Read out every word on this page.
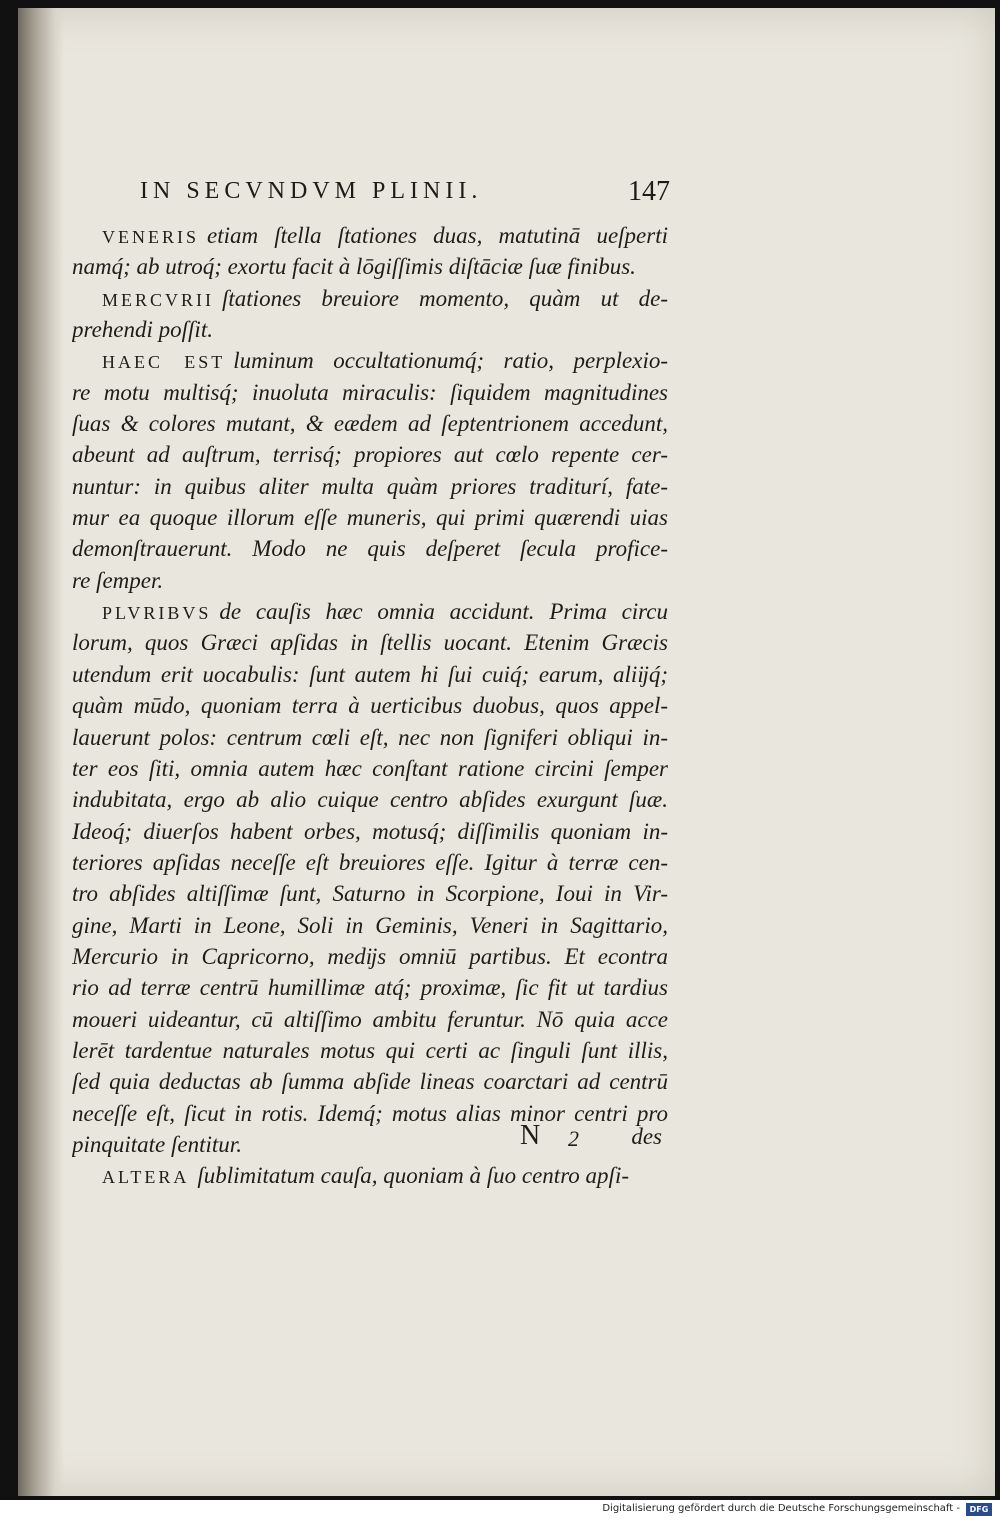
IN SECVNDVM PLINII.	147
VENERIS etiam ſtella ſtationes duas, matutinā ueſperti
namq́; ab utroq́; exortu facit à lōgiſſimis diſtāciæ ſuæ finibus.
MERCVRII ſtationes breuiore momento, quàm ut de-
prehendi poſſit.
HAEC EST luminum occultationumq́; ratio, perplexio-
re motu multisq́; inuoluta miraculis: ſiquidem magnitudines
ſuas & colores mutant, & eædem ad ſeptentrionem accedunt,
abeunt ad auſtrum, terrisq́; propiores aut cœlo repente cer-
nuntur: in quibus aliter multa quàm priores traditurí, fate-
mur ea quoque illorum eſſe muneris, qui primi quærendi uias
demonſtrauerunt. Modo ne quis deſperet ſecula profice-
re ſemper.
PLVRIBVS de cauſis hæc omnia accidunt. Prima circu
lorum, quos Græci apſidas in ſtellis uocant. Etenim Græcis
utendum erit uocabulis: ſunt autem hi ſui cuiq́; earum, aliĳq́;
quàm mūdo, quoniam terra à uerticibus duobus, quos appel-
lauerunt polos: centrum cœli eſt, nec non ſigniferi obliqui in-
ter eos ſiti, omnia autem hæc conſtant ratione circini ſemper
indubitata, ergo ab alio cuique centro abſides exurgunt ſuæ.
Ideoq́; diuerſos habent orbes, motusq́; diſſimilis quoniam in-
teriores apſidas neceſſe eſt breuiores eſſe. Igitur à terræ cen-
tro abſides altiſſimæ ſunt, Saturno in Scorpione, Ioui in Vir-
gine, Marti in Leone, Soli in Geminis, Veneri in Sagittario,
Mercurio in Capricorno, medĳs omniū partibus. Et econtra
rio ad terræ centrū humillimæ atq́; proximæ, ſic fit ut tardius
moueri uideantur, cū altiſſimo ambitu feruntur. Nō quia acce
lerēt tardentue naturales motus qui certi ac ſinguli ſunt illis,
ſed quia deductas ab ſumma abſide lineas coarctari ad centrū
neceſſe eſt, ſicut in rotis. Idemq́; motus alias minor centri pro
pinquitate ſentitur.
ALTERA ſublimitatum cauſa, quoniam à ſuo centro apſi-
N 2 des
Digitalisierung gefördert durch die Deutsche Forschungsgemeinschaft -	DFG
